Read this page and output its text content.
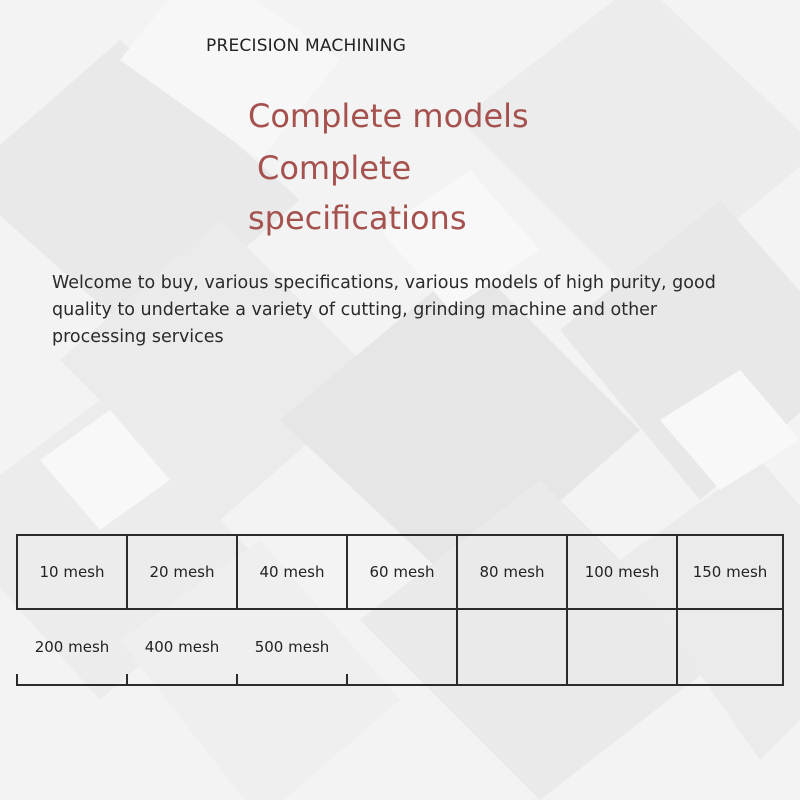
PRECISION MACHINING
Complete models
Complete
specifications
Welcome to buy, various specifications, various models of high purity, good quality to undertake a variety of cutting, grinding machine and other processing services
10 mesh	20 mesh	40 mesh	60 mesh	80 mesh	100 mesh	150 mesh
200 mesh	400 mesh	500 mesh
